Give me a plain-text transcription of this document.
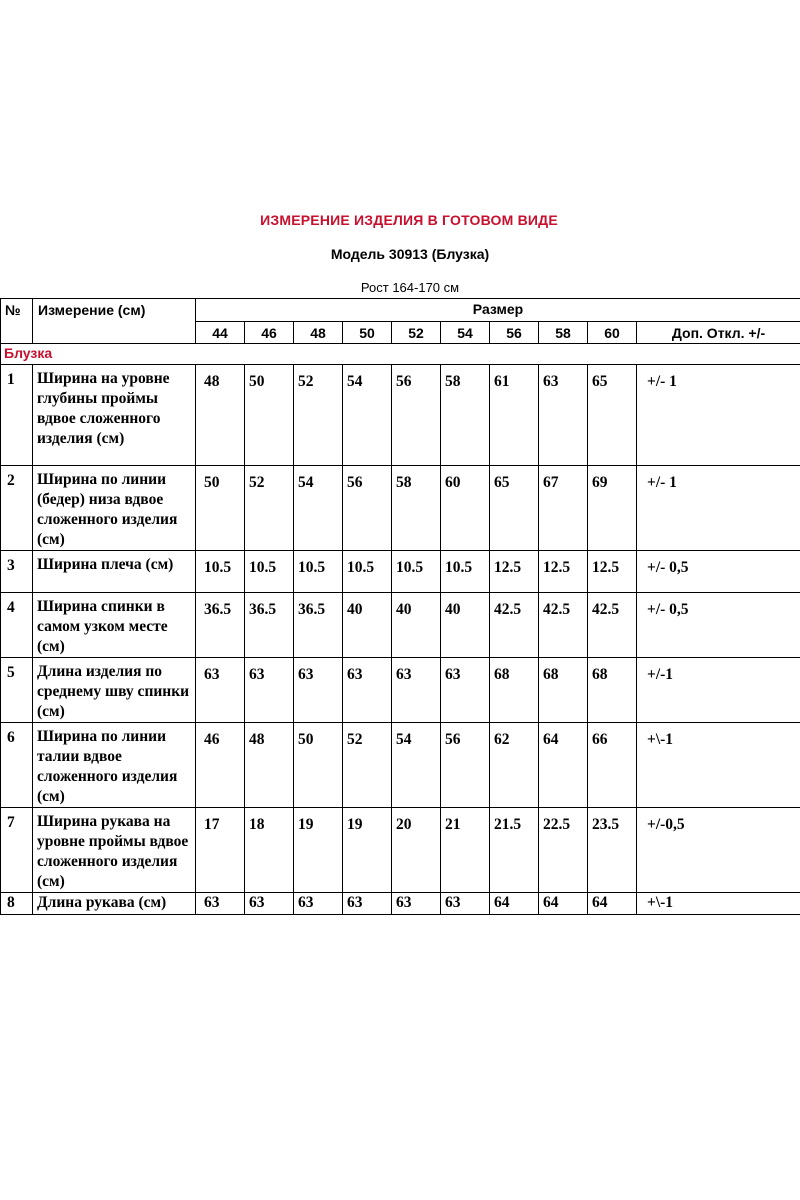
ИЗМЕРЕНИЕ ИЗДЕЛИЯ В ГОТОВОМ ВИДЕ
Модель 30913 (Блузка)
Рост 164-170 см
№	Измерение (см)	Размер									
		44	46	48	50	52	54	56	58	60	Доп. Откл. +/-
Блузка											
1	Ширина на уровне глубины проймы вдвое сложенного изделия (см)	48	50	52	54	56	58	61	63	65	+/- 1
2	Ширина по линии (бедер) низа вдвое сложенного изделия (см)	50	52	54	56	58	60	65	67	69	+/- 1
3	Ширина плеча (см)	10.5	10.5	10.5	10.5	10.5	10.5	12.5	12.5	12.5	+/- 0,5
4	Ширина спинки в самом узком месте (см)	36.5	36.5	36.5	40	40	40	42.5	42.5	42.5	+/- 0,5
5	Длина изделия по среднему шву спинки (см)	63	63	63	63	63	63	68	68	68	+/-1
6	Ширина по линии талии вдвое сложенного изделия (см)	46	48	50	52	54	56	62	64	66	+\-1
7	Ширина рукава на уровне проймы вдвое сложенного изделия (см)	17	18	19	19	20	21	21.5	22.5	23.5	+/-0,5
8	Длина рукава (см)	63	63	63	63	63	63	64	64	64	+\-1
